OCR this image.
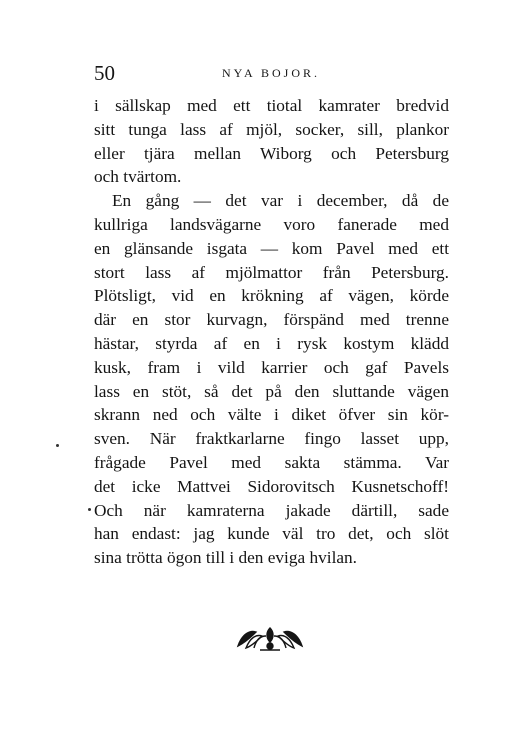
50	NYA BOJOR.
i sällskap med ett tiotal kamrater bredvid
sitt tunga lass af mjöl, socker, sill, plankor
eller tjära mellan Wiborg och Petersburg
och tvärtom.
En gång — det var i december, då de
kullriga landsvägarne voro fanerade med
en glänsande isgata — kom Pavel med ett
stort lass af mjölmattor från Petersburg.
Plötsligt, vid en krökning af vägen, körde
där en stor kurvagn, förspänd med trenne
hästar, styrda af en i rysk kostym klädd
kusk, fram i vild karrier och gaf Pavels
lass en stöt, så det på den sluttande vägen
skrann ned och välte i diket öfver sin kör-
sven. När fraktkarlarne fingo lasset upp,
frågade Pavel med sakta stämma. Var
det icke Mattvei Sidorovitsch Kusnetschoff!
Och när kamraterna jakade därtill, sade
han endast: jag kunde väl tro det, och slöt
sina trötta ögon till i den eviga hvilan.
